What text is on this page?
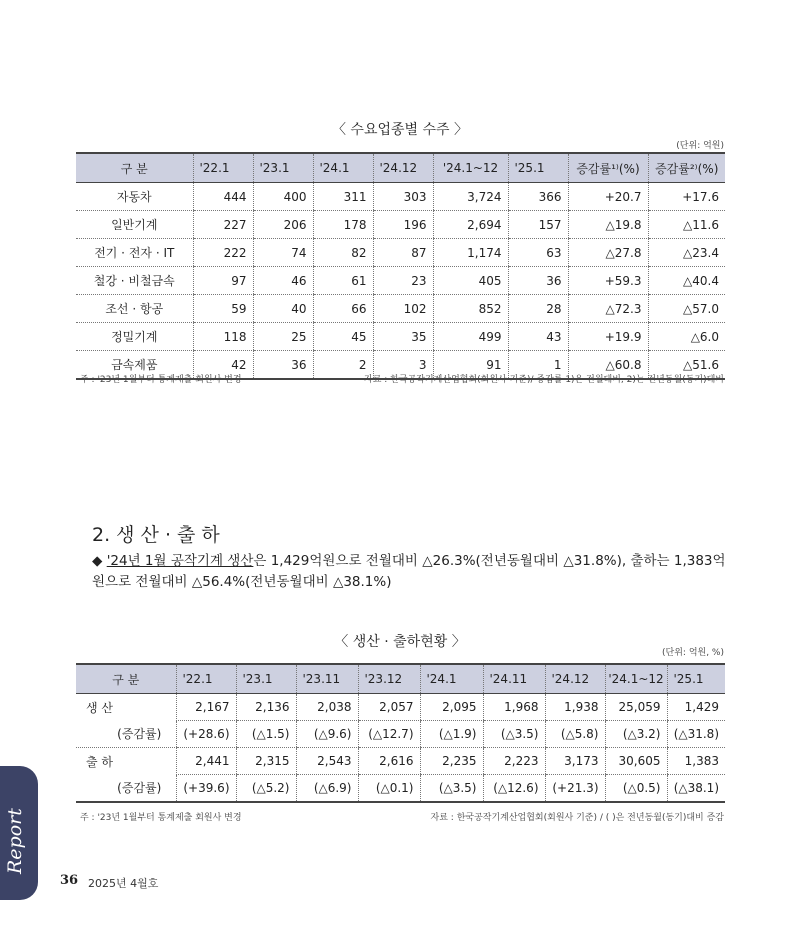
〈 수요업종별 수주 〉
(단위: 억원)
구 분	'22.1	'23.1	'24.1	'24.12	'24.1~12	'25.1	증감률¹⁾(%)	증감률²⁾(%)
자동차	444	400	311	303	3,724	366	+20.7	+17.6
일반기계	227	206	178	196	2,694	157	△19.8	△11.6
전기 · 전자 · IT	222	74	82	87	1,174	63	△27.8	△23.4
철강 · 비철금속	97	46	61	23	405	36	+59.3	△40.4
조선 · 항공	59	40	66	102	852	28	△72.3	△57.0
정밀기계	118	25	45	35	499	43	+19.9	△6.0
금속제품	42	36	2	3	91	1	△60.8	△51.6
주 : '23년 1월부터 통계제출 회원사 변경	자료 : 한국공작기계산업협회(회원사 기준)/ 증감률 1)은 전월대비, 2)는 전년동월(동기)대비
2. 생 산 · 출 하
◆ '24년 1월 공작기계 생산은 1,429억원으로 전월대비 △26.3%(전년동월대비 △31.8%), 출하는 1,383억원으로 전월대비 △56.4%(전년동월대비 △38.1%)
〈 생산 · 출하현황 〉
(단위: 억원, %)
구 분	'22.1	'23.1	'23.11	'23.12	'24.1	'24.11	'24.12	'24.1~12	'25.1
생 산	2,167	2,136	2,038	2,057	2,095	1,968	1,938	25,059	1,429
(증감률)	(+28.6)	(△1.5)	(△9.6)	(△12.7)	(△1.9)	(△3.5)	(△5.8)	(△3.2)	(△31.8)
출 하	2,441	2,315	2,543	2,616	2,235	2,223	3,173	30,605	1,383
(증감률)	(+39.6)	(△5.2)	(△6.9)	(△0.1)	(△3.5)	(△12.6)	(+21.3)	(△0.5)	(△38.1)
주 : '23년 1월부터 통계제출 회원사 변경	자료 : 한국공작기계산업협회(회원사 기준) / ( )은 전년동월(동기)대비 증감
Report
36 2025년 4월호
